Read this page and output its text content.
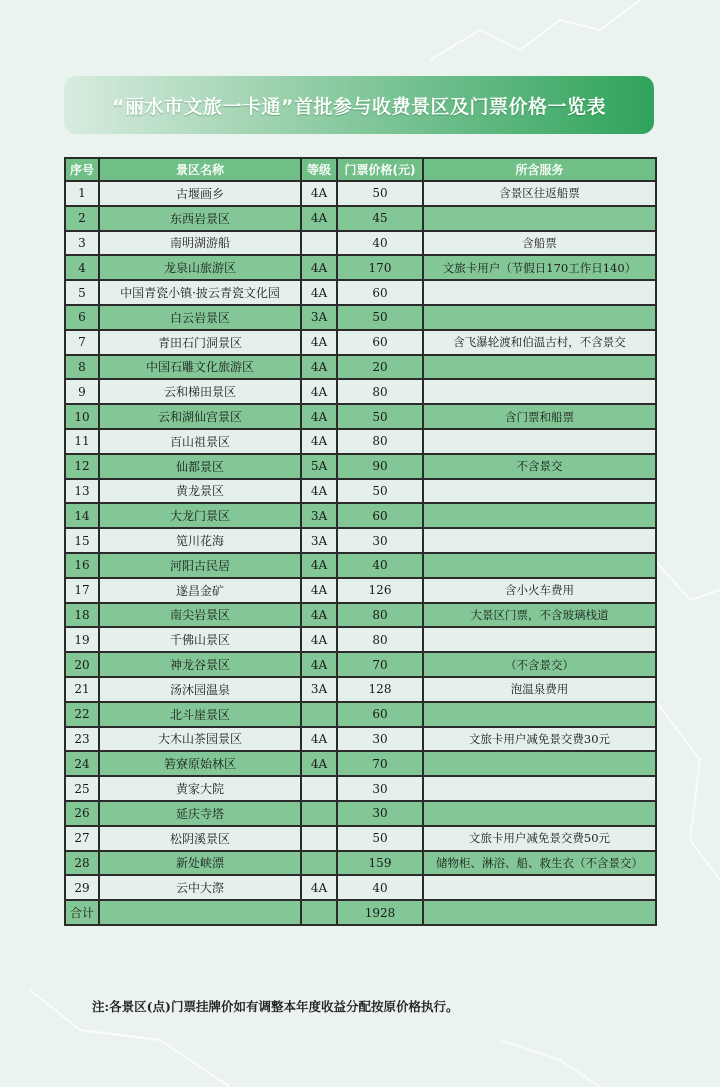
“丽水市文旅一卡通”首批参与收费景区及门票价格一览表
序号	景区名称	等级	门票价格(元)	所含服务
1	古堰画乡	4A	50	含景区往返船票
2	东西岩景区	4A	45	
3	南明湖游船		40	含船票
4	龙泉山旅游区	4A	170	文旅卡用户（节假日170工作日140）
5	中国青瓷小镇·披云青瓷文化园	4A	60	
6	白云岩景区	3A	50	
7	青田石门洞景区	4A	60	含飞瀑轮渡和伯温古村，不含景交
8	中国石雕文化旅游区	4A	20	
9	云和梯田景区	4A	80	
10	云和湖仙宫景区	4A	50	含门票和船票
11	百山祖景区	4A	80	
12	仙都景区	5A	90	不含景交
13	黄龙景区	4A	50	
14	大龙门景区	3A	60	
15	笕川花海	3A	30	
16	河阳古民居	4A	40	
17	遂昌金矿	4A	126	含小火车费用
18	南尖岩景区	4A	80	大景区门票，不含玻璃栈道
19	千佛山景区	4A	80	
20	神龙谷景区	4A	70	（不含景交）
21	汤沐园温泉	3A	128	泡温泉费用
22	北斗崖景区		60	
23	大木山茶园景区	4A	30	文旅卡用户减免景交费30元
24	箬寮原始林区	4A	70	
25	黄家大院		30	
26	延庆寺塔		30	
27	松阴溪景区		50	文旅卡用户减免景交费50元
28	新处峡漂		159	储物柜、淋浴、船、救生衣（不含景交）
29	云中大漈	4A	40	
合计			1928	
注:各景区(点)门票挂牌价如有调整本年度收益分配按原价格执行。
